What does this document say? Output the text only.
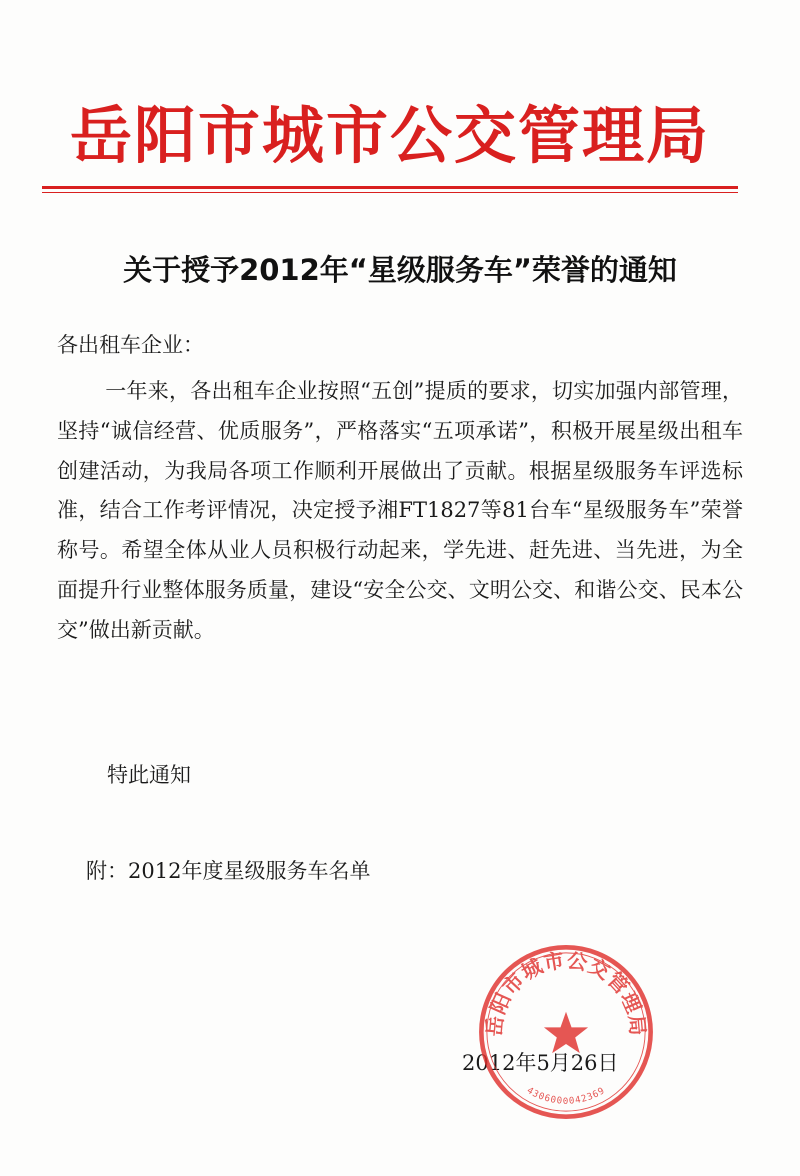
岳阳市城市公交管理局
关于授予2012年“星级服务车”荣誉的通知
各出租车企业：

一年来，各出租车企业按照“五创”提质的要求，切实加强内部管理，坚持“诚信经营、优质服务”，严格落实“五项承诺”，积极开展星级出租车创建活动，为我局各项工作顺利开展做出了贡献。根据星级服务车评选标准，结合工作考评情况，决定授予湘FT1827等81台车“星级服务车”荣誉称号。希望全体从业人员积极行动起来，学先进、赶先进、当先进，为全面提升行业整体服务质量，建设“安全公交、文明公交、和谐公交、民本公交”做出新贡献。

特此通知
附：2012年度星级服务车名单
2012年5月26日
岳阳市城市公交管理局
4306000042369
